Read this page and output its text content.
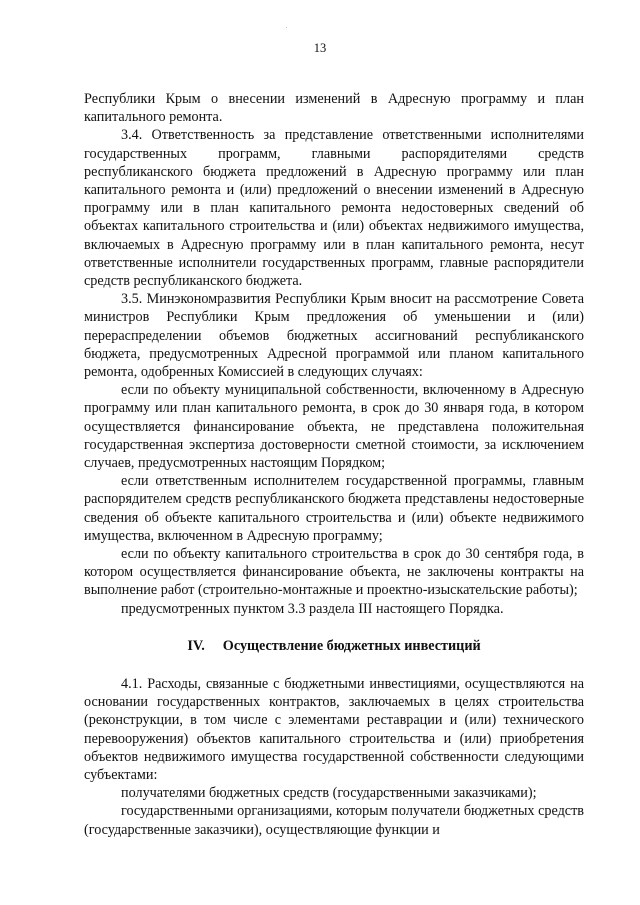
13

Республики Крым о внесении изменений в Адресную программу и план капитального ремонта.

3.4. Ответственность за представление ответственными исполнителями государственных программ, главными распорядителями средств республиканского бюджета предложений в Адресную программу или план капитального ремонта и (или) предложений о внесении изменений в Адресную программу или в план капитального ремонта недостоверных сведений об объектах капитального строительства и (или) объектах недвижимого имущества, включаемых в Адресную программу или в план капитального ремонта, несут ответственные исполнители государственных программ, главные распорядители средств республиканского бюджета.

3.5. Минэкономразвития Республики Крым вносит на рассмотрение Совета министров Республики Крым предложения об уменьшении и (или) перераспределении объемов бюджетных ассигнований республиканского бюджета, предусмотренных Адресной программой или планом капитального ремонта, одобренных Комиссией в следующих случаях:

если по объекту муниципальной собственности, включенному в Адресную программу или план капитального ремонта, в срок до 30 января года, в котором осуществляется финансирование объекта, не представлена положительная государственная экспертиза достоверности сметной стоимости, за исключением случаев, предусмотренных настоящим Порядком;

если ответственным исполнителем государственной программы, главным распорядителем средств республиканского бюджета представлены недостоверные сведения об объекте капитального строительства и (или) объекте недвижимого имущества, включенном в Адресную программу;

если по объекту капитального строительства в срок до 30 сентября года, в котором осуществляется финансирование объекта, не заключены контракты на выполнение работ (строительно-монтажные и проектно-изыскательские работы);

предусмотренных пунктом 3.3 раздела III настоящего Порядка.

IV. Осуществление бюджетных инвестиций

4.1. Расходы, связанные с бюджетными инвестициями, осуществляются на основании государственных контрактов, заключаемых в целях строительства (реконструкции, в том числе с элементами реставрации и (или) технического перевооружения) объектов капитального строительства и (или) приобретения объектов недвижимого имущества государственной собственности следующими субъектами:

получателями бюджетных средств (государственными заказчиками);

государственными организациями, которым получатели бюджетных средств (государственные заказчики), осуществляющие функции и
